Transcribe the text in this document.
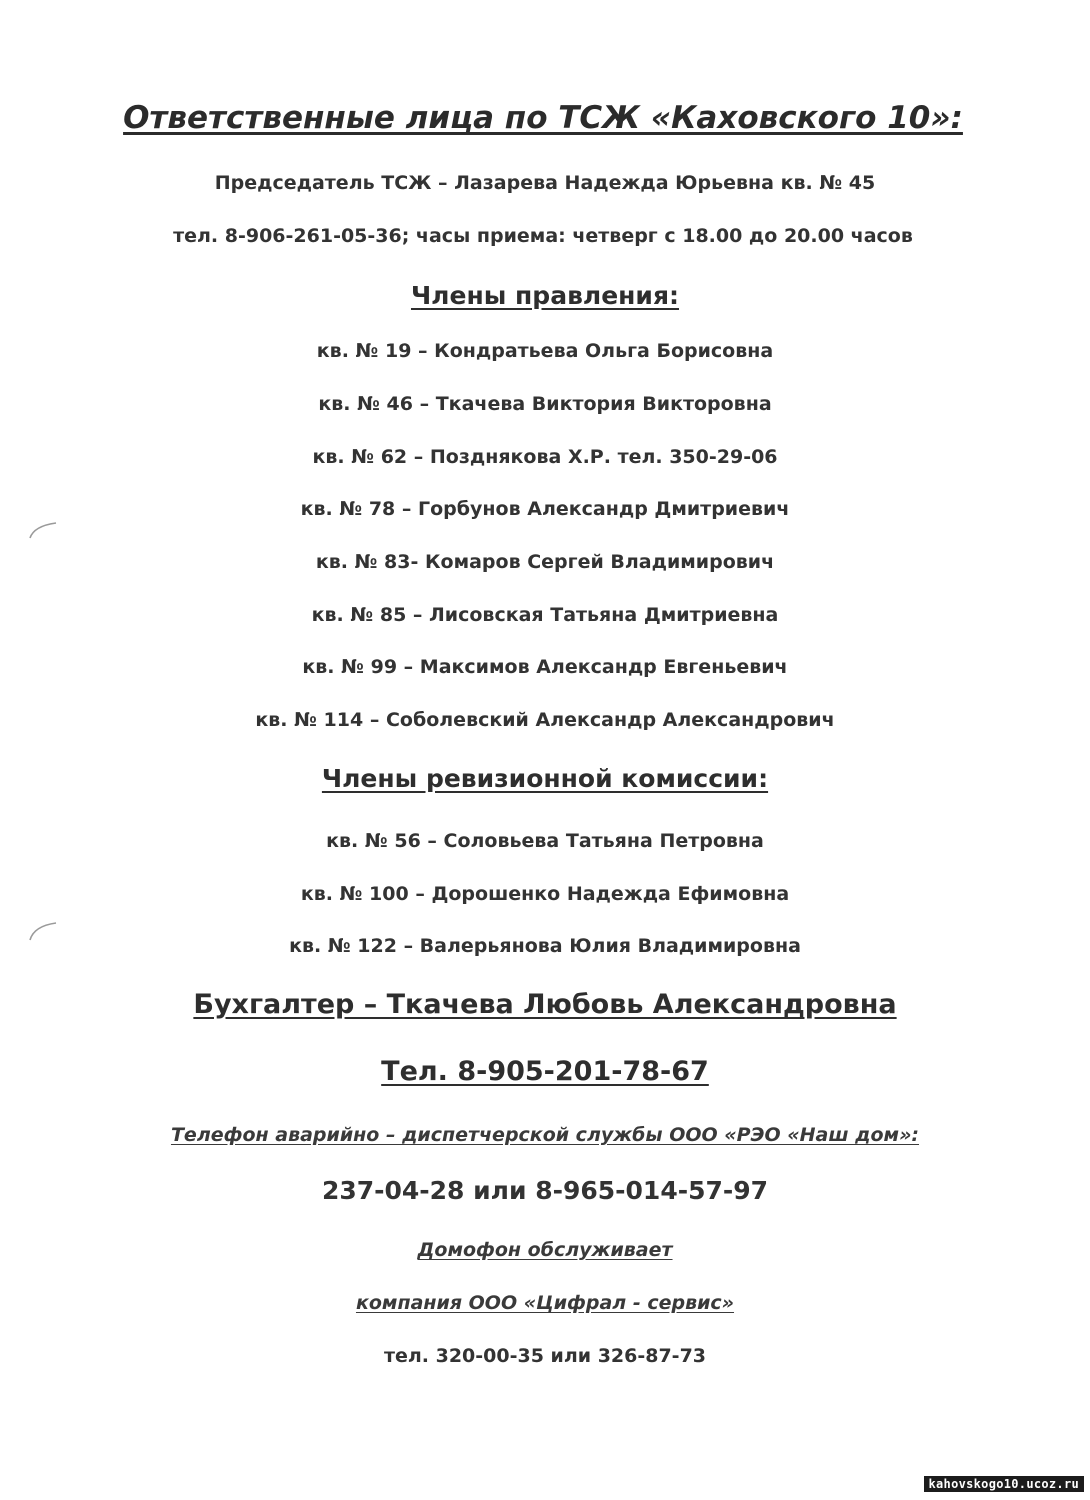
Ответственные лица по ТСЖ «Каховского 10»:
Председатель ТСЖ – Лазарева Надежда Юрьевна кв. № 45
тел. 8-906-261-05-36; часы приема: четверг с 18.00 до 20.00 часов
Члены правления:
кв. № 19 – Кондратьева Ольга Борисовна
кв. № 46 – Ткачева Виктория Викторовна
кв. № 62 – Позднякова Х.Р. тел. 350-29-06
кв. № 78 – Горбунов Александр Дмитриевич
кв. № 83- Комаров Сергей Владимирович
кв. № 85 – Лисовская Татьяна Дмитриевна
кв. № 99 – Максимов Александр Евгеньевич
кв. № 114 – Соболевский Александр Александрович
Члены ревизионной комиссии:
кв. № 56 – Соловьева Татьяна Петровна
кв. № 100 – Дорошенко Надежда Ефимовна
кв. № 122 – Валерьянова Юлия Владимировна
Бухгалтер – Ткачева Любовь Александровна
Тел. 8-905-201-78-67
Телефон аварийно – диспетчерской службы ООО «РЭО «Наш дом»:
237-04-28 или 8-965-014-57-97
Домофон обслуживает
компания ООО «Цифрал - сервис»
тел. 320-00-35 или 326-87-73
kahovskogo10.ucoz.ru
